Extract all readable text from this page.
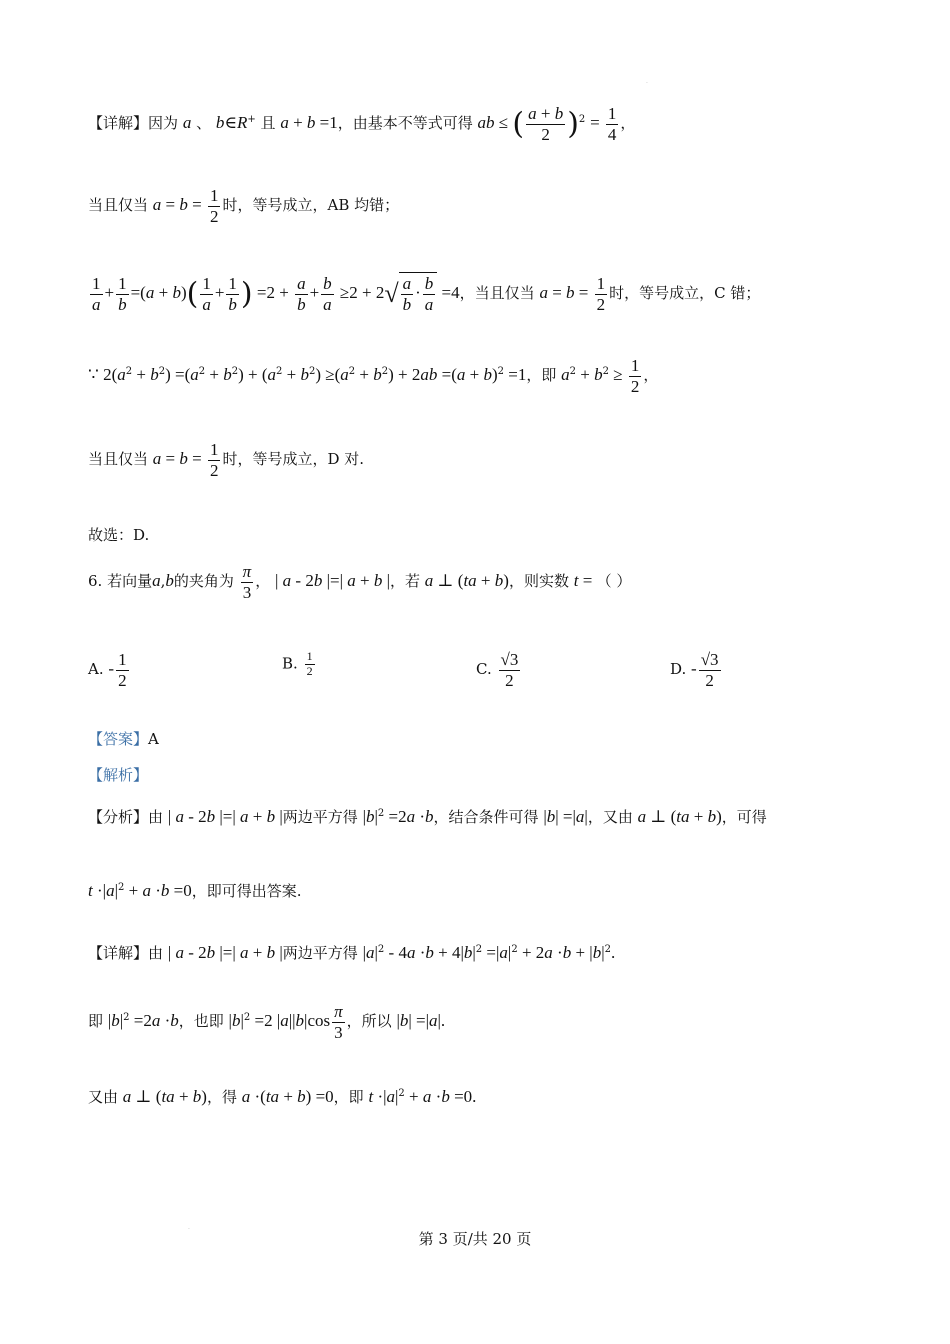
.
【详解】因为 a 、 b∈R+ 且 a + b =1，由基本不等式可得 ab ≤ ( $\frac{a + b}{2} )^2 = \frac{1}{4}$ ，
当且仅当 $a = b = \frac{1}{2}$ 时，等号成立，AB 均错；
$\frac{1}{a} + \frac{1}{b} =(a + b)( \frac{1}{a} + \frac{1}{b}$ ) $=2 + \frac{a}{b} + \frac{b}{a} \ge 2 + 2√ \frac{a}{b} \cdot \frac{b}{a} =4$，当且仅当 $a = b = \frac{1}{2}$ 时，等号成立，C 错；
∵ $2(a^2 + b^2) =(a^2 + b^2) + (a^2 + b^2) \ge(a^2 + b^2) + 2ab =(a + b)^2 =1$，即 $a^2 + b^2 \ge \frac{1}{2}$ ，
当且仅当 $a = b = \frac{1}{2}$ 时，等号成立，D 对.
故选：D.
6. 若向量a,b的夹角为 $\frac{\pi}{3}$ ， | a - 2b |=| a + b |，若 a ⊥ (ta + b)，则实数 t = （ ）
A. - $\frac{1}{2}$	B. $\frac{1}{2}$	C. $\frac{√3}{2}$	D. - $\frac{√3}{2}$
【答案】A
【解析】
【分析】由 | a - 2b |=| a + b |两边平方得 $|b|^2 =2a \cdot b$，结合条件可得 |b| =|a|，又由 a ⊥ (ta + b)，可得
$t \cdot|a|^2 + a \cdot b =0$，即可得出答案.
【详解】由 | a - 2b |=| a + b |两边平方得 $|a|^2 - 4a \cdot b + 4|b|^2 =|a|^2 + 2a \cdot b + |b|^2$.
即 $|b|^2 =2a \cdot b$，也即 $|b|^2 =2$ $|a||b|\cos \frac{\pi}{3}$ ，所以 |b| =|a|.
又由 a ⊥ (ta + b)，得 a ·(ta + b) =0，即 $t \cdot|a|^2 + a \cdot b =0$.
.
第 3 页/共 20 页
